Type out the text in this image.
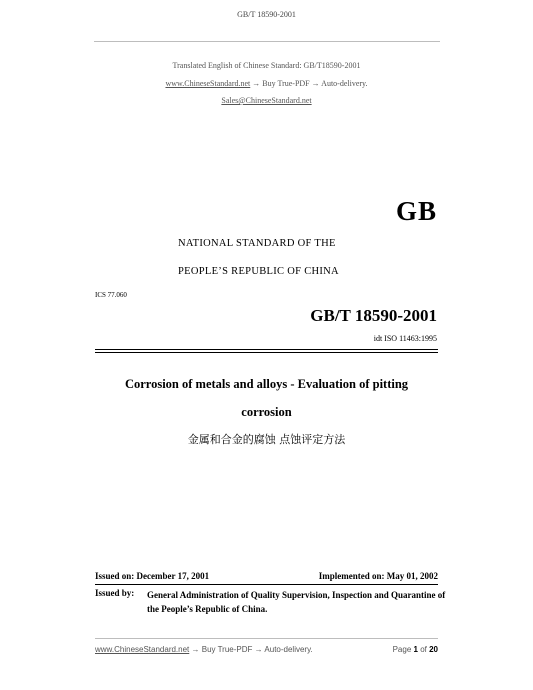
GB/T 18590-2001
Translated English of Chinese Standard: GB/T18590-2001
www.ChineseStandard.net → Buy True-PDF → Auto-delivery.
Sales@ChineseStandard.net
GB
NATIONAL STANDARD OF THE
PEOPLE’S REPUBLIC OF CHINA
ICS 77.060
GB/T 18590-2001
idt ISO 11463:1995
Corrosion of metals and alloys - Evaluation of pitting
corrosion
金属和合金的腐蚀 点蚀评定方法
Issued on: December 17, 2001	Implemented on: May 01, 2002
Issued by: General Administration of Quality Supervision, Inspection and Quarantine of the People’s Republic of China.
www.ChineseStandard.net → Buy True-PDF → Auto-delivery.	Page 1 of 20
